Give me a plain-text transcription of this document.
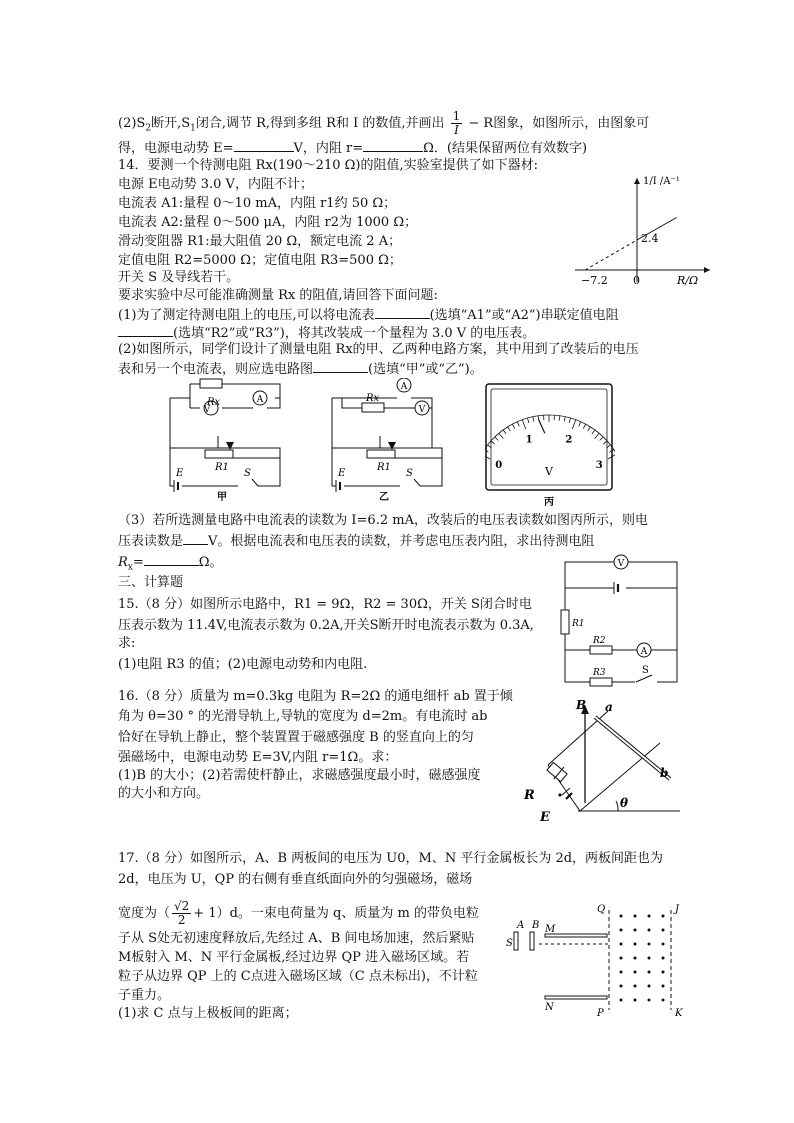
$(2)S_2$断开$,S_1$闭合,调节 R,得到多组 R和 I 的数值,并画出 $\frac{1}{I} - R$图象，如图所示，由图象可
得，电源电动势 E=	V，内阻 r=	Ω．(结果保留两位有效数字)
14．要测一个待测电阻 Rx(190～210 Ω)的阻值,实验室提供了如下器材:
电源 E电动势 3.0 V，内阻不计；
电流表 A1:量程 0～10 mA，内阻 r1约 50 Ω；
电流表 A2:量程 0～500 μA，内阻 r2为 1000 Ω；
滑动变阻器 R1:最大阻值 20 Ω，额定电流 2 A；
定值电阻 R2=5000 Ω；定值电阻 R3=500 Ω；
开关 S 及导线若干。
要求实验中尽可能准确测量 Rx 的阻值,请回答下面问题:
(1)为了测定待测电阻上的电压,可以将电流表	(选填“A1”或“A2”)串联定值电阻
(选填“R2”或“R3”)，将其改装成一个量程为 3.0 V 的电压表。
(2)如图所示，同学们设计了测量电阻 Rx的甲、乙两种电路方案，其中用到了改装后的电压
表和另一个电流表，则应选电路图	(选填“甲”或“乙”)。
1/I /A⁻¹
R/Ω
2.4
−7.2 0
Rx
V
A
R1
E	S
甲
A
V
Rx
R1
E	S
乙
0
1	2
3
V
丙
（3）若所选测量电路中电流表的读数为 I=6.2 mA，改装后的电压表读数如图丙所示，则电
压表读数是 V。根据电流表和电压表的读数，并考虑电压表内阻，求出待测电阻
$R_x=$	Ω。
三、计算题
15.（8 分）如图所示电路中，R1 = 9Ω，R2 = 30Ω，开关 S闭合时电
压表示数为 11.4V,电流表示数为 0.2A,开关S断开时电流表示数为 0.3A,
求:
(1)电阻 R3 的值；(2)电源电动势和内电阻.
V
A
R1
R2
R3	S
16.（8 分）质量为 m=0.3kg 电阻为 R=2Ω 的通电细杆 ab 置于倾
角为 θ=30 ° 的光滑导轨上,导轨的宽度为 d=2m。有电流时 ab
恰好在导轨上静止，整个装置置于磁感强度 B 的竖直向上的匀
强磁场中，电源电动势 E=3V,内阻 r=1Ω。求：
(1)B 的大小；(2)若需使杆静止，求磁感强度最小时，磁感强度
的大小和方向。
B a
b
R
E
θ
17.（8 分）如图所示，A、B 两板间的电压为 U0，M、N 平行金属板长为 2d，两板间距也为
2d，电压为 U，QP 的右侧有垂直纸面向外的匀强磁场，磁场
宽度为（ $\frac{√2}{2} + 1)d$。一束电荷量为 q、质量为 m 的带负电粒
子从 S处无初速度释放后,先经过 A、B 间电场加速，然后紧贴
M板射入 M、N 平行金属板,经过边界 QP 进入磁场区域。若
粒子从边界 QP 上的 C点进入磁场区域（C 点未标出)，不计粒
子重力。
(1)求 C 点与上极板间的距离；
A B
S
M
N
Q
P
J
K
